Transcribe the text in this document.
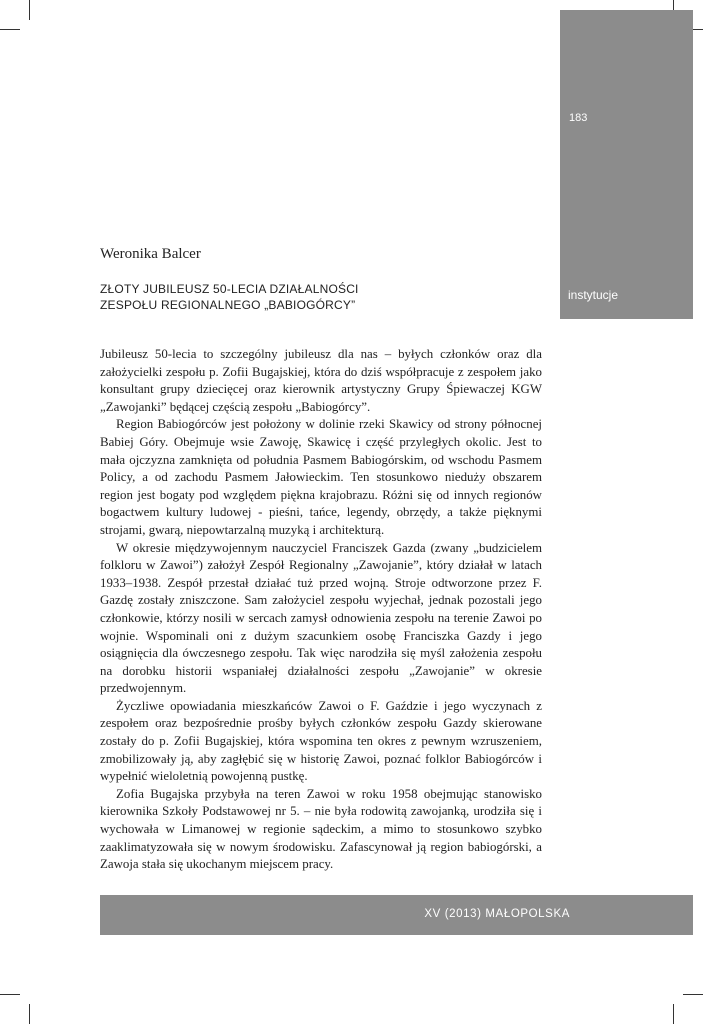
183
instytucje
Weronika Balcer
ZŁOTY JUBILEUSZ 50-LECIA DZIAŁALNOŚCI
ZESPOŁU REGIONALNEGO „BABIOGÓRCY”

Jubileusz 50-lecia to szczególny jubileusz dla nas – byłych członków oraz dla założycielki zespołu p. Zofii Bugajskiej, która do dziś współpracuje z zespołem jako konsultant grupy dziecięcej oraz kierownik artystyczny Grupy Śpiewaczej KGW „Zawojanki” będącej częścią zespołu „Babiogórcy”.

Region Babiogórców jest położony w dolinie rzeki Skawicy od strony północnej Babiej Góry. Obejmuje wsie Zawoję, Skawicę i część przyległych okolic. Jest to mała ojczyzna zamknięta od południa Pasmem Babiogórskim, od wschodu Pasmem Policy, a od zachodu Pasmem Jałowieckim. Ten stosunkowo nieduży obszarem region jest bogaty pod względem piękna krajobrazu. Różni się od innych regionów bogactwem kultury ludowej - pieśni, tańce, legendy, obrzędy, a także pięknymi strojami, gwarą, niepowtarzalną muzyką i architekturą.

W okresie międzywojennym nauczyciel Franciszek Gazda (zwany „budzicielem folkloru w Zawoi”) założył Zespół Regionalny „Zawojanie”, który działał w latach 1933–1938. Zespół przestał działać tuż przed wojną. Stroje odtworzone przez F. Gazdę zostały zniszczone. Sam założyciel zespołu wyjechał, jednak pozostali jego członkowie, którzy nosili w sercach zamysł odnowienia zespołu na terenie Zawoi po wojnie. Wspominali oni z dużym szacunkiem osobę Franciszka Gazdy i jego osiągnięcia dla ówczesnego zespołu. Tak więc narodziła się myśl założenia zespołu na dorobku historii wspaniałej działalności zespołu „Zawojanie” w okresie przedwojennym.

Życzliwe opowiadania mieszkańców Zawoi o F. Gaździe i jego wyczynach z zespołem oraz bezpośrednie prośby byłych członków zespołu Gazdy skierowane zostały do p. Zofii Bugajskiej, która wspomina ten okres z pewnym wzruszeniem, zmobilizowały ją, aby zagłębić się w historię Zawoi, poznać folklor Babiogórców i wypełnić wieloletnią powojenną pustkę.

Zofia Bugajska przybyła na teren Zawoi w roku 1958 obejmując stanowisko kierownika Szkoły Podstawowej nr 5. – nie była rodowitą zawojanką, urodziła się i wychowała w Limanowej w regionie sądeckim, a mimo to stosunkowo szybko zaaklimatyzowała się w nowym środowisku. Zafascynował ją region babiogórski, a Zawoja stała się ukochanym miejscem pracy.

XV (2013) MAŁOPOLSKA
